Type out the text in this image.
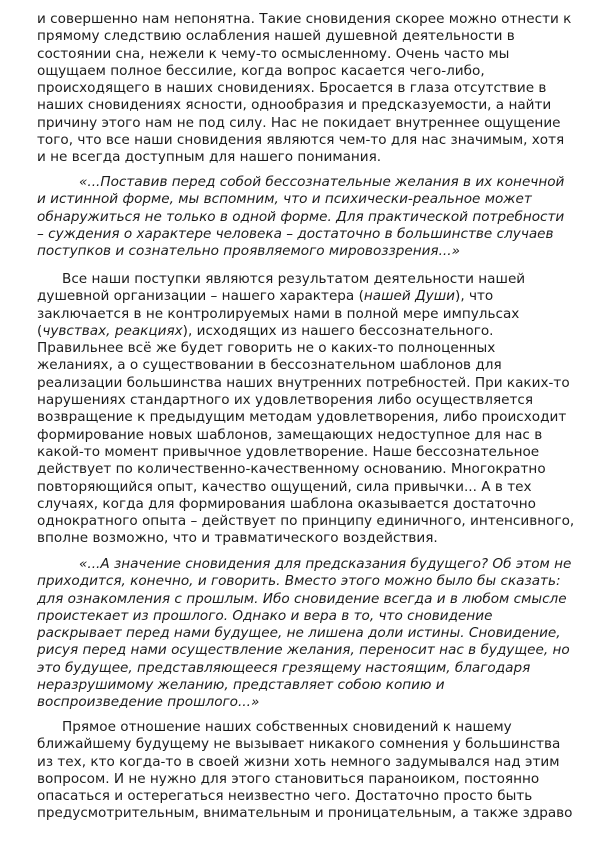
и совершенно нам непонятна. Такие сновидения скорее можно отнести к
прямому следствию ослабления нашей душевной деятельности в
состоянии сна, нежели к чему-то осмысленному. Очень часто мы
ощущаем полное бессилие, когда вопрос касается чего-либо,
происходящего в наших сновидениях. Бросается в глаза отсутствие в
наших сновидениях ясности, однообразия и предсказуемости, а найти
причину этого нам не под силу. Нас не покидает внутреннее ощущение
того, что все наши сновидения являются чем-то для нас значимым, хотя
и не всегда доступным для нашего понимания.
«...Поставив перед собой бессознательные желания в их конечной
и истинной форме, мы вспомним, что и психически-реальное может
обнаружиться не только в одной форме. Для практической потребности
– суждения о характере человека – достаточно в большинстве случаев
поступков и сознательно проявляемого мировоззрения...»
Все наши поступки являются результатом деятельности нашей
душевной организации – нашего характера (нашей Души), что
заключается в не контролируемых нами в полной мере импульсах
(чувствах, реакциях), исходящих из нашего бессознательного.
Правильнее всё же будет говорить не о каких-то полноценных
желаниях, а о существовании в бессознательном шаблонов для
реализации большинства наших внутренних потребностей. При каких-то
нарушениях стандартного их удовлетворения либо осуществляется
возвращение к предыдущим методам удовлетворения, либо происходит
формирование новых шаблонов, замещающих недоступное для нас в
какой-то момент привычное удовлетворение. Наше бессознательное
действует по количественно-качественному основанию. Многократно
повторяющийся опыт, качество ощущений, сила привычки... А в тех
случаях, когда для формирования шаблона оказывается достаточно
однократного опыта – действует по принципу единичного, интенсивного,
вполне возможно, что и травматического воздействия.
«...А значение сновидения для предсказания будущего? Об этом не
приходится, конечно, и говорить. Вместо этого можно было бы сказать:
для ознакомления с прошлым. Ибо сновидение всегда и в любом смысле
проистекает из прошлого. Однако и вера в то, что сновидение
раскрывает перед нами будущее, не лишена доли истины. Сновидение,
рисуя перед нами осуществление желания, переносит нас в будущее, но
это будущее, представляющееся грезящему настоящим, благодаря
неразрушимому желанию, представляет собою копию и
воспроизведение прошлого...»
Прямое отношение наших собственных сновидений к нашему
ближайшему будущему не вызывает никакого сомнения у большинства
из тех, кто когда-то в своей жизни хоть немного задумывался над этим
вопросом. И не нужно для этого становиться параноиком, постоянно
опасаться и остерегаться неизвестно чего. Достаточно просто быть
предусмотрительным, внимательным и проницательным, а также здраво
